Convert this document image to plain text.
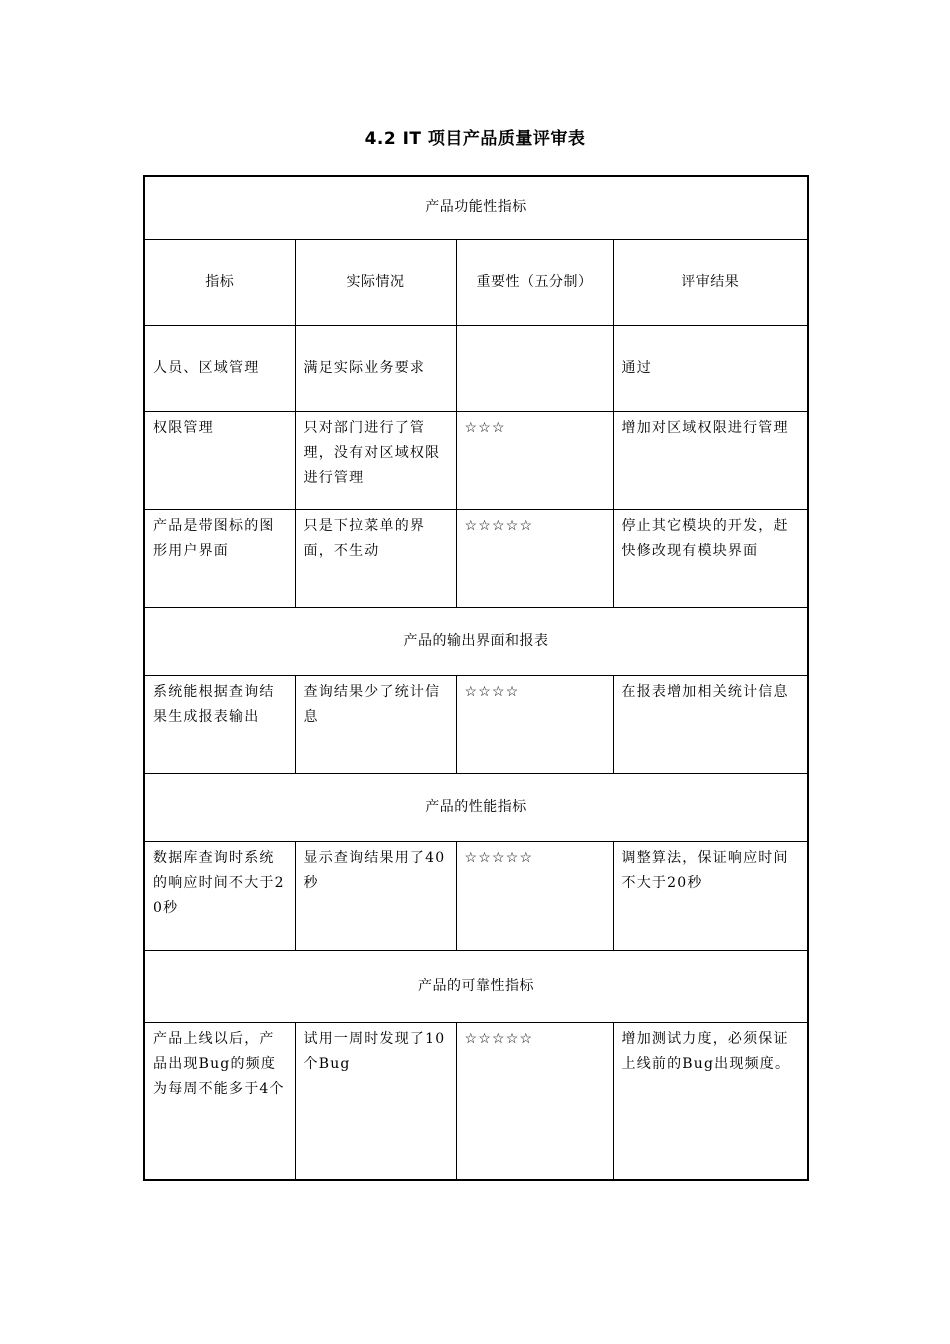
4.2 IT 项目产品质量评审表
产品功能性指标			
指标	实际情况	重要性（五分制）	评审结果
人员、区域管理	满足实际业务要求		通过
权限管理	只对部门进行了管理，没有对区域权限进行管理	☆☆☆	增加对区域权限进行管理
产品是带图标的图形用户界面	只是下拉菜单的界面，不生动	☆☆☆☆☆	停止其它模块的开发，赶快修改现有模块界面
产品的输出界面和报表			
系统能根据查询结果生成报表输出	查询结果少了统计信息	☆☆☆☆	在报表增加相关统计信息
产品的性能指标			
数据库查询时系统的响应时间不大于20秒	显示查询结果用了40秒	☆☆☆☆☆	调整算法，保证响应时间不大于20秒
产品的可靠性指标			
产品上线以后，产品出现Bug的频度为每周不能多于4个	试用一周时发现了10个Bug	☆☆☆☆☆	增加测试力度，必须保证上线前的Bug出现频度。
